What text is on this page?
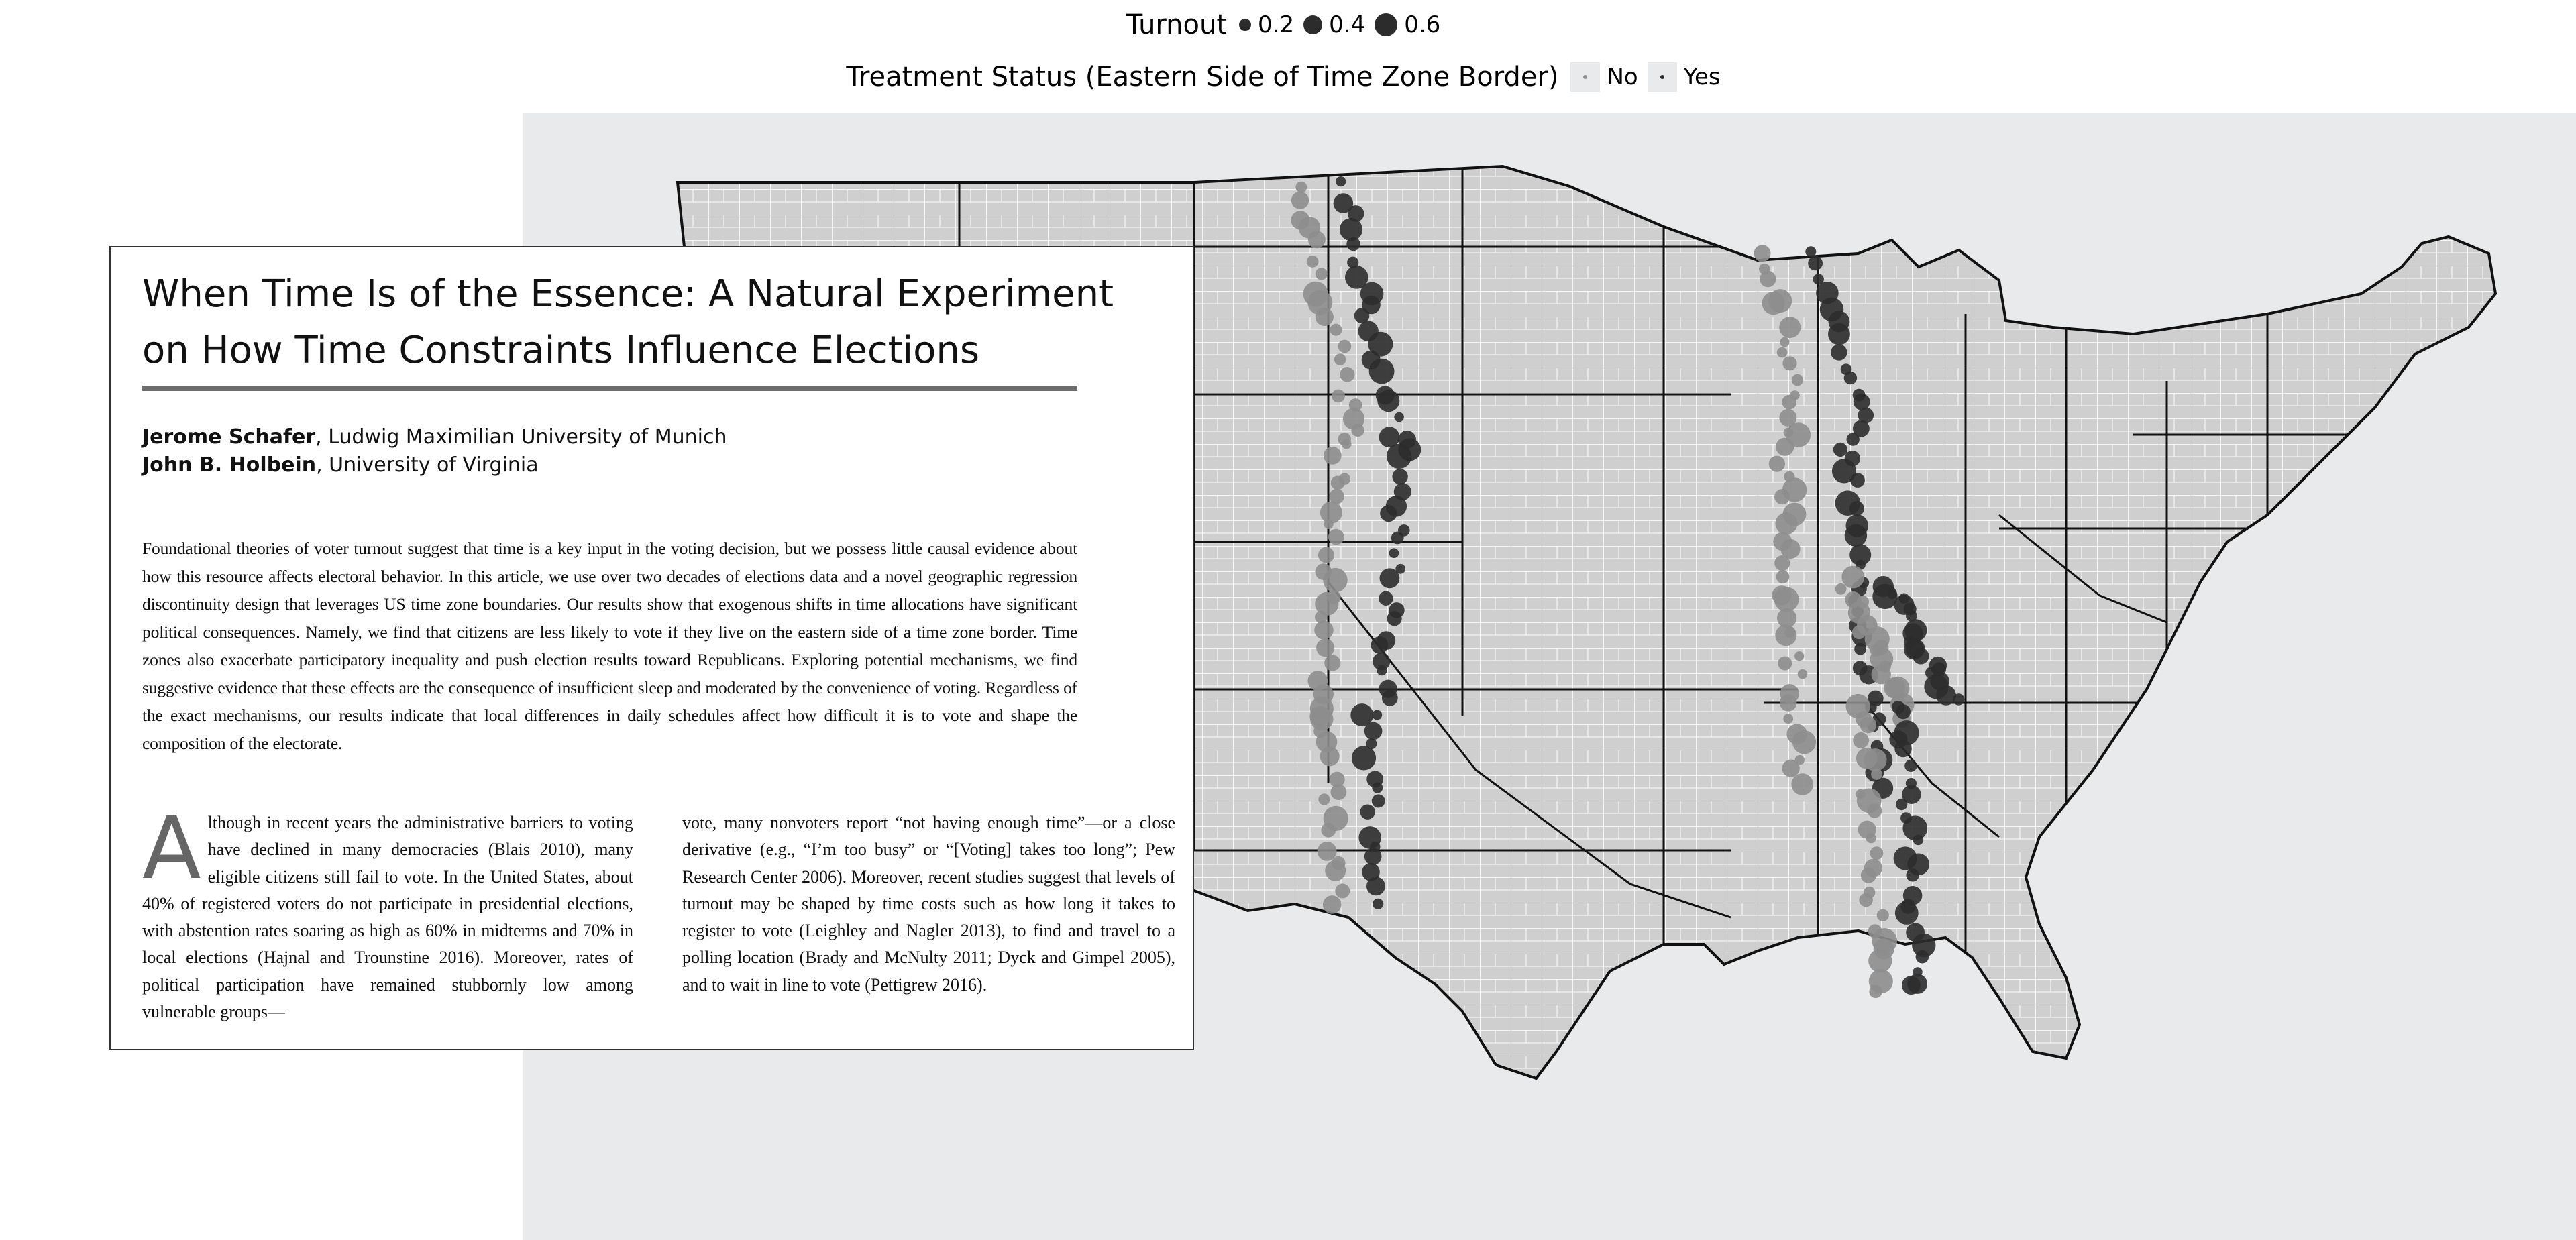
Turnout 0.2 0.4 0.6
Treatment Status (Eastern Side of Time Zone Border) No Yes
When Time Is of the Essence: A Natural Experiment
on How Time Constraints Influence Elections
Jerome Schafer, Ludwig Maximilian University of Munich
John B. Holbein, University of Virginia

Foundational theories of voter turnout suggest that time is a key input in the voting decision, but we possess little causal evidence about how this resource affects electoral behavior. In this article, we use over two decades of elections data and a novel geographic regression discontinuity design that leverages US time zone boundaries. Our results show that exogenous shifts in time allocations have significant political consequences. Namely, we find that citizens are less likely to vote if they live on the eastern side of a time zone border. Time zones also exacerbate participatory inequality and push election results toward Republicans. Exploring potential mechanisms, we find suggestive evidence that these effects are the consequence of insufficient sleep and moderated by the convenience of voting. Regardless of the exact mechanisms, our results indicate that local differences in daily schedules affect how difficult it is to vote and shape the composition of the electorate.

Although in recent years the administrative barriers to voting have declined in many democracies (Blais 2010), many eligible citizens still fail to vote. In the United States, about 40% of registered voters do not participate in presidential elections, with abstention rates soaring as high as 60% in midterms and 70% in local elections (Hajnal and Trounstine 2016). Moreover, rates of political participation have remained stubbornly low among vulnerable groups—

vote, many nonvoters report “not having enough time”—or a close derivative (e.g., “I’m too busy” or “[Voting] takes too long”; Pew Research Center 2006). Moreover, recent studies suggest that levels of turnout may be shaped by time costs such as how long it takes to register to vote (Leighley and Nagler 2013), to find and travel to a polling location (Brady and McNulty 2011; Dyck and Gimpel 2005), and to wait in line to vote (Pettigrew 2016).
